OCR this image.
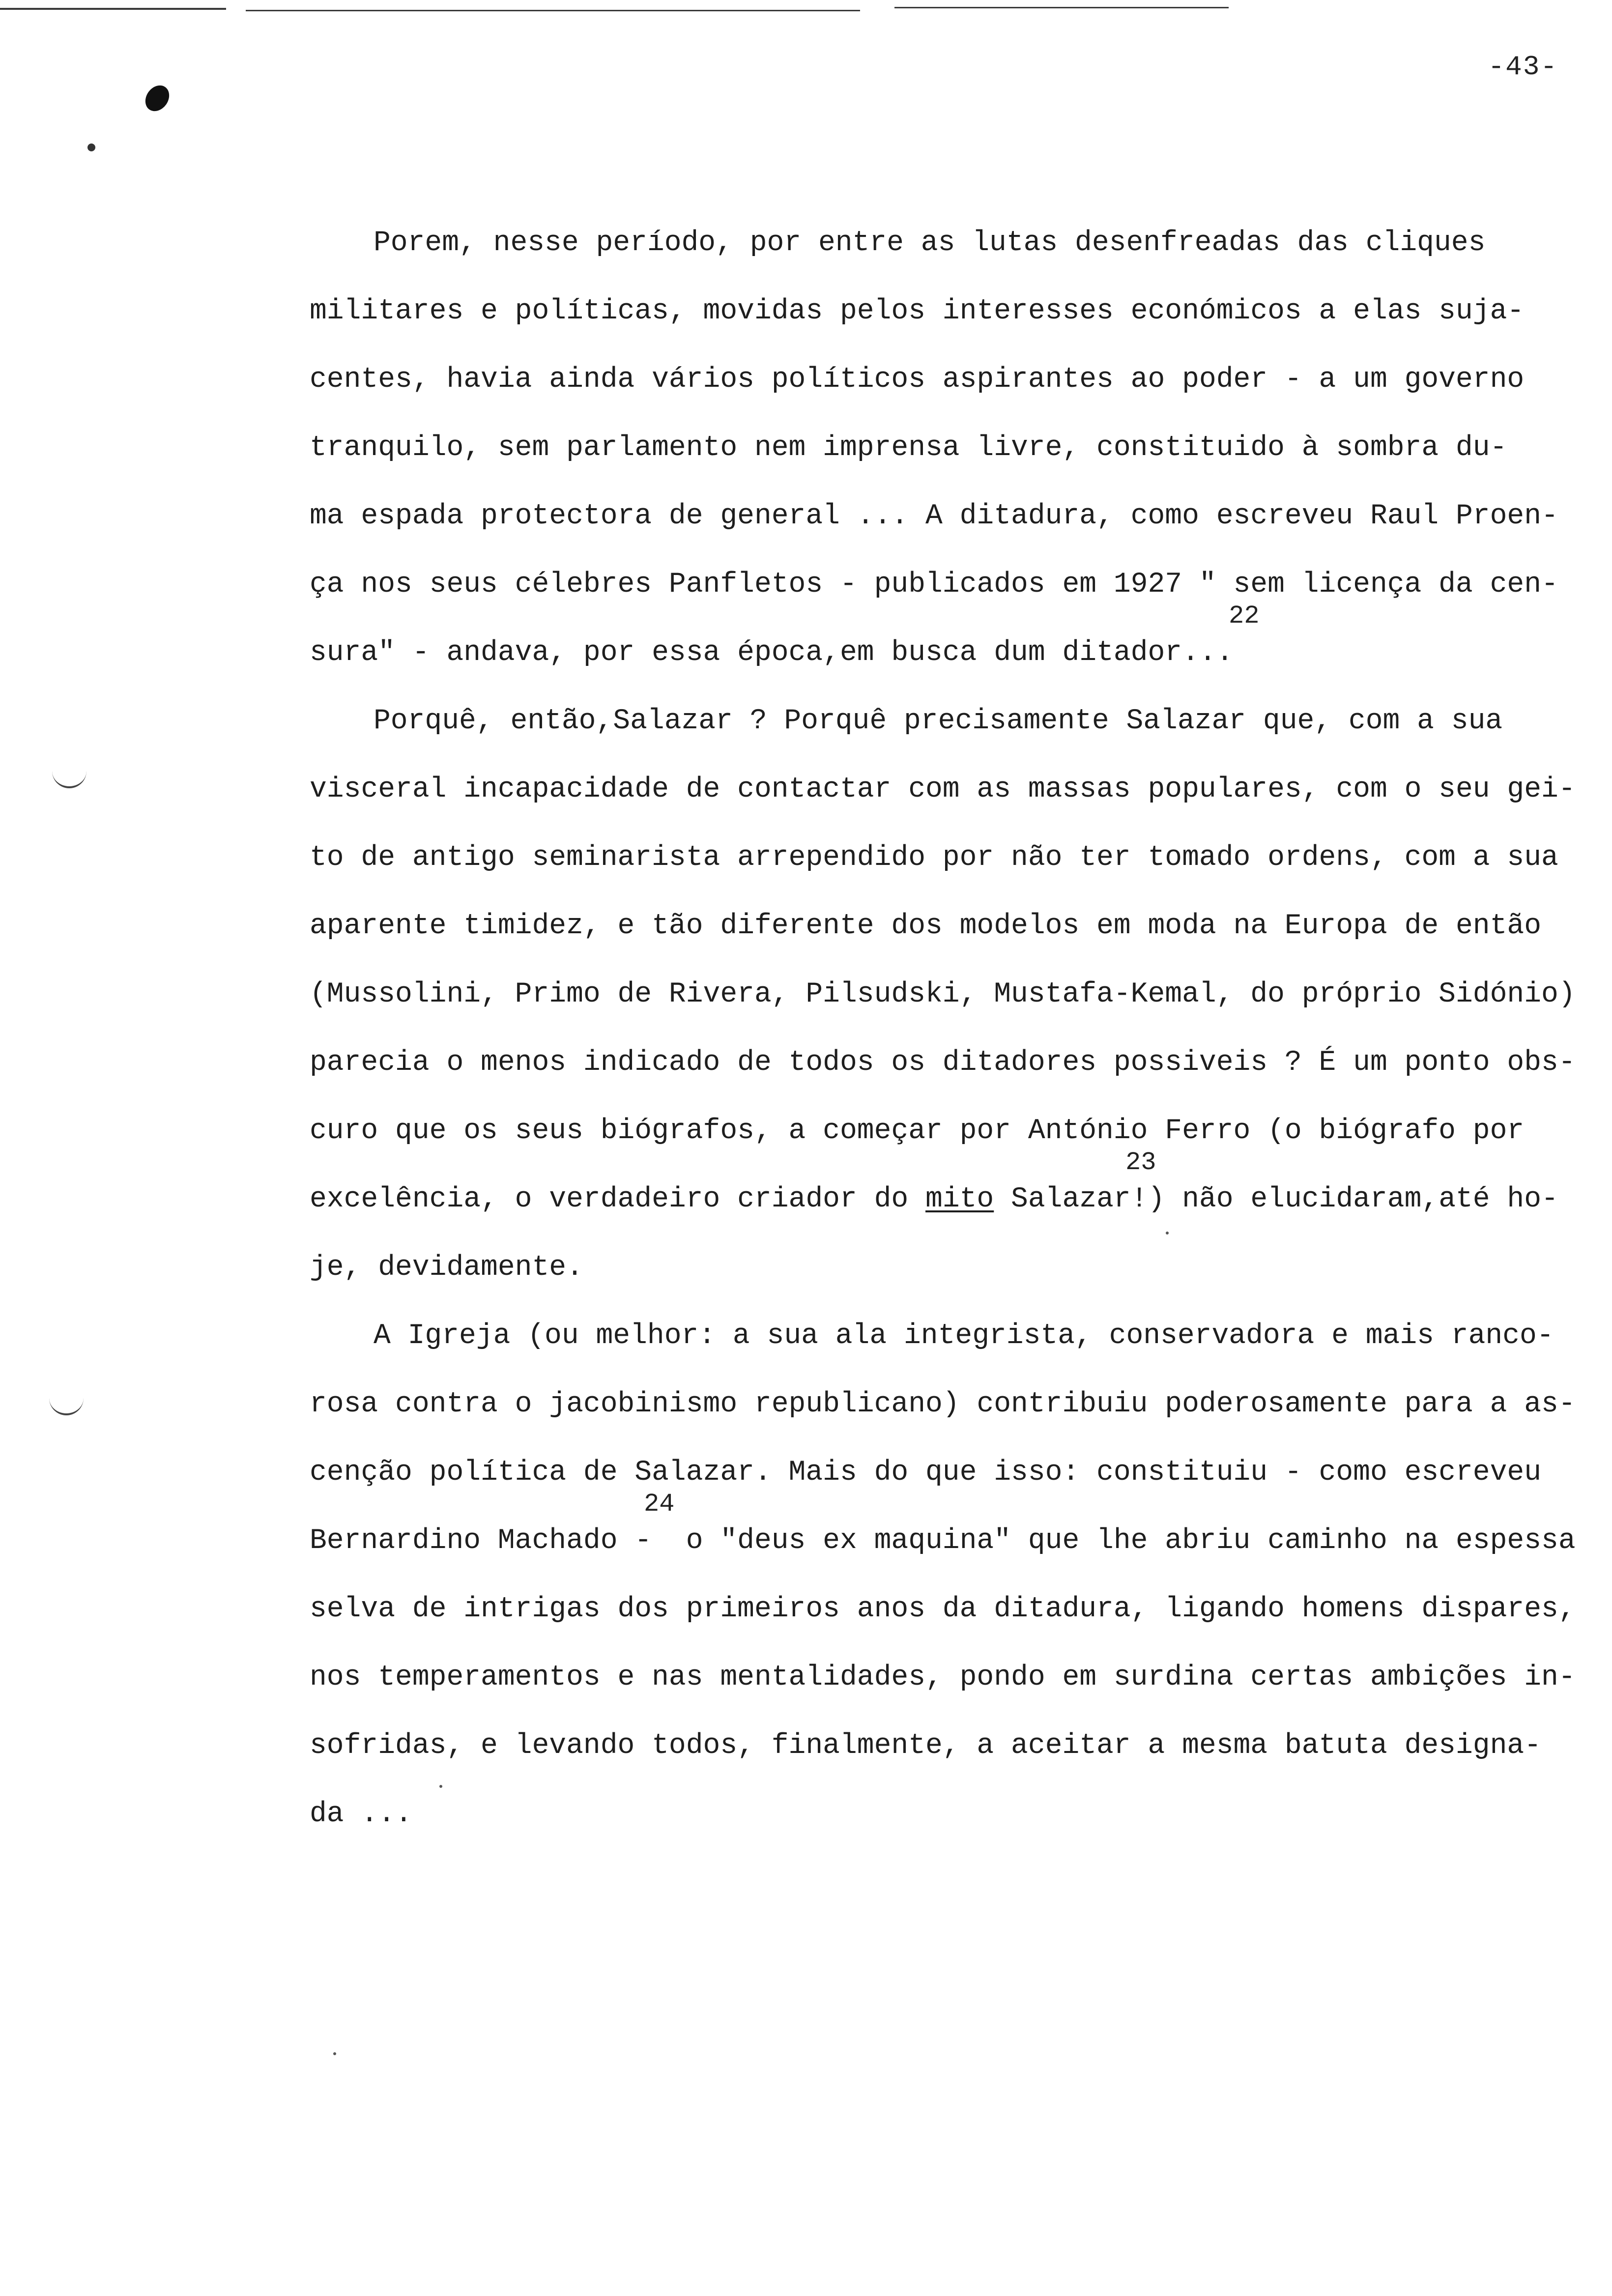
-43-
Porem, nesse período, por entre as lutas desenfreadas das cliques
militares e políticas, movidas pelos interesses económicos a elas suja-
centes, havia ainda vários políticos aspirantes ao poder - a um governo
tranquilo, sem parlamento nem imprensa livre, constituido à sombra du-
ma espada protectora de general ... A ditadura, como escreveu Raul Proen-
ça nos seus célebres Panfletos - publicados em 1927 " sem licença da cen-
sura" - andava, por essa época,em busca dum ditador...
22
Porquê, então,Salazar ? Porquê precisamente Salazar que, com a sua
visceral incapacidade de contactar com as massas populares, com o seu gei-
to de antigo seminarista arrependido por não ter tomado ordens, com a sua
aparente timidez, e tão diferente dos modelos em moda na Europa de então
(Mussolini, Primo de Rivera, Pilsudski, Mustafa-Kemal, do próprio Sidónio)
parecia o menos indicado de todos os ditadores possiveis ? É um ponto obs-
curo que os seus biógrafos, a começar por António Ferro (o biógrafo por
excelência, o verdadeiro criador do mito Salazar!) não elucidaram,até ho-
23
je, devidamente.
A Igreja (ou melhor: a sua ala integrista, conservadora e mais ranco-
rosa contra o jacobinismo republicano) contribuiu poderosamente para a as-
cenção política de Salazar. Mais do que isso: constituiu - como escreveu
Bernardino Machado -  o "deus ex maquina" que lhe abriu caminho na espessa
24
selva de intrigas dos primeiros anos da ditadura, ligando homens dispares,
nos temperamentos e nas mentalidades, pondo em surdina certas ambições in-
sofridas, e levando todos, finalmente, a aceitar a mesma batuta designa-
da ...
